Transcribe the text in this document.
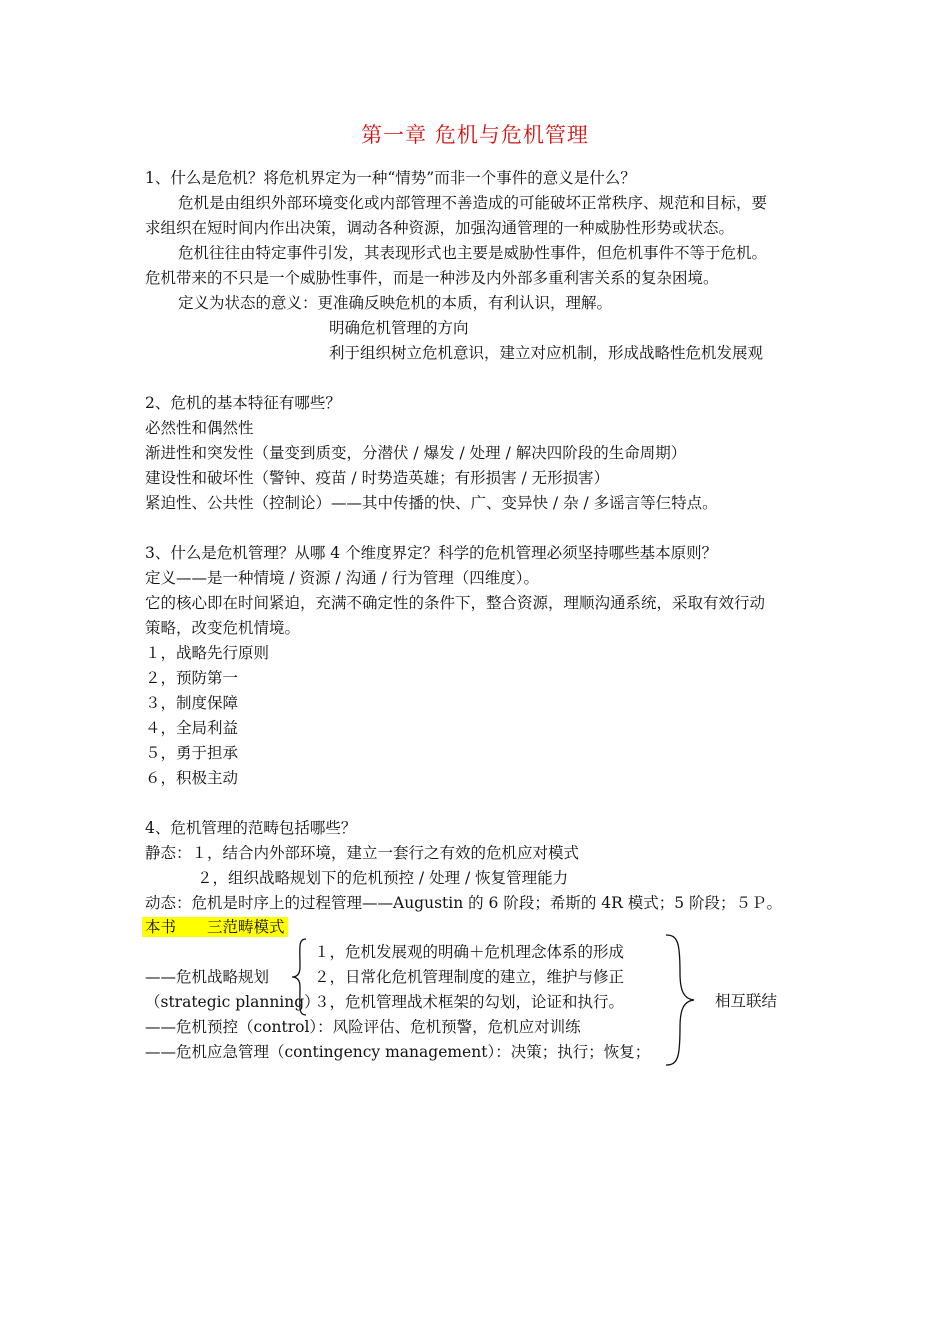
第一章 危机与危机管理
1、什么是危机？将危机界定为一种“情势”而非一个事件的意义是什么？
危机是由组织外部环境变化或内部管理不善造成的可能破坏正常秩序、规范和目标，要
求组织在短时间内作出决策，调动各种资源，加强沟通管理的一种威胁性形势或状态。
危机往往由特定事件引发，其表现形式也主要是威胁性事件，但危机事件不等于危机。
危机带来的不只是一个威胁性事件，而是一种涉及内外部多重利害关系的复杂困境。
定义为状态的意义：更准确反映危机的本质，有利认识，理解。
明确危机管理的方向
利于组织树立危机意识，建立对应机制，形成战略性危机发展观
2、危机的基本特征有哪些？
必然性和偶然性
渐进性和突发性（量变到质变，分潜伏 / 爆发 / 处理 / 解决四阶段的生命周期）
建设性和破坏性（警钟、疫苗 / 时势造英雄；有形损害 / 无形损害）
紧迫性、公共性（控制论）——其中传播的快、广、变异快 / 杂 / 多谣言等仨特点。
3、什么是危机管理？从哪 4 个维度界定？科学的危机管理必须坚持哪些基本原则？
定义——是一种情境 / 资源 / 沟通 / 行为管理（四维度）。
它的核心即在时间紧迫，充满不确定性的条件下，整合资源，理顺沟通系统，采取有效行动
策略，改变危机情境。
１，战略先行原则
２，预防第一
３，制度保障
４，全局利益
５，勇于担承
６，积极主动
4、危机管理的范畴包括哪些？
静态：１，结合内外部环境，建立一套行之有效的危机应对模式
２，组织战略规划下的危机预控 / 处理 / 恢复管理能力
动态：危机是时序上的过程管理——Augustin 的 6 阶段；希斯的 4R 模式；5 阶段；５Ｐ。
本书　　三范畴模式
——危机战略规划
（strategic planning）
１，危机发展观的明确＋危机理念体系的形成
２，日常化危机管理制度的建立，维护与修正
３，危机管理战术框架的勾划，论证和执行。
——危机预控（control）：风险评估、危机预警，危机应对训练
——危机应急管理（contingency management）：决策；执行；恢复；
相互联结
